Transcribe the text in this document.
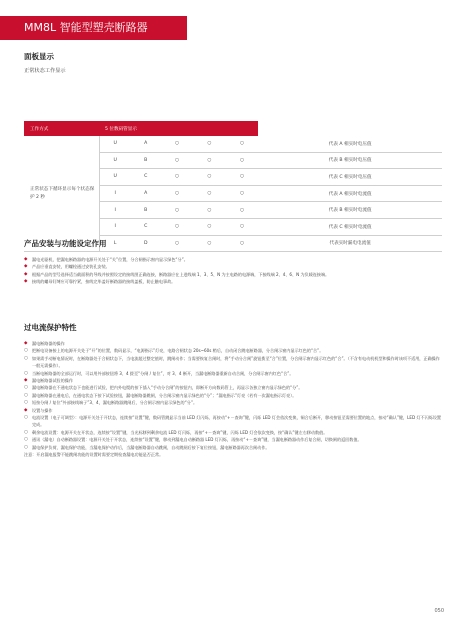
MM8L 智能型塑壳断路器
面板显示
正常状态工作显示
工作方式	5 位数码管显示					
正常状态下循环显示每个状态保护 2 秒	U	A	○	○	○	代表 A 相实时电压值
	U	B	○	○	○	代表 B 相实时电压值
	U	C	○	○	○	代表 C 相实时电压值
	I	A	○	○	○	代表 A 相实时电流值
	I	B	○	○	○	代表 B 相实时电流值
	I	C	○	○	○	代表 C 相实时电流值
	L	D	○	○	○	代表实时漏电电流值
产品安装与功能设定作用
◆ 漏电光驱机，把漏电断路器的电源开关处于“关”位置，分合闸指示窗内显示绿色“分”。
◆ 产品应垂直安装，用螺栓通过安装孔安装。
◆ 根据产品的型号选择适当截面积的导线并按照设定的接线图正确连接，断路器应在上进线端 1、3、5、N 为主电路的电源端，下接线端 2、4、6、N 为负载连接端。
◆ 接线的螺母钉缚应可靠拧紧，按线完毕盖好断路器的接线盖板，防止触电事故。
过电流保护特性
◆ 漏电断路器的操作
○ 把断电设备接上的电源开关处于“开”的位置，数码显示，“电源指示”灯亮，电路合闸状态 20s~60s 稍后，自动闭合跳电断路器，分合闸示窗内显示红色的“合”。
○ 如果需手动断电情况时，在断路器处于合闸状态下，当电流超过整定值时，跳闸动作；当需要恢复合闸时，将“手动分合闸”旋钮拨至“合”位置，分合闸示窗内显示红色的“合”。（不含有电动机机型和操作时该项不适用，正确操作一般无需操作）。
○ 当断电断路器的全部运行时，可以用外部按钮将 3、4 拨至“分闸 / 复位”，对 3、4 断开，当漏电断路器重新自动合闸，分合闸示窗内红色“合”。
◆ 漏电断路器试验的操作
○ 漏电断路器在不通电状态下也能进行试验，把内外电缆的按下插入“手动分合闸”的按钮内，即断开方向数码管上，再显示各独立窗内显示绿色的“分”。
○ 漏电断路器在通电后，在通电状态下按下试验按钮，漏电断路器跳闸，分合闸示窗内显示绿色的“分”；“漏电指示”灯亮（若有一次漏电指示灯亮）。
○ 短按分闸 / 复位“外部接线端子”3、4，漏电断路器跳闸后，分合闸示窗内显示绿色的“分”。
◆ 设置与操作
○ 电流设置（电子可调型）：电源开关处于开状态，连续按“设置”键，数码管跳显示当前 LED 灯闪烁，再按动“+－查询”键，闪烁 LED 灯会依次变换，铜合后断开，移动按钮至需要位置的地点，按动“确认”键，LED 灯不闪烁设置完成。
○ 剩余电流设置：电源开关在开状态，连续按“设置”键，当光标移到剩余电流 LED 灯闪烁，再按“+－查询”键，闪烁 LED 灯会依次变换，按“确认”键左右移动数值。
○ 通讯（漏电）自动断路器设置：电源开关处于开状态，连续按“设置”键，移动到漏电自动断路器 LED 灯闪烁，再按动“+－查询”键，当漏电断路器动作后复合闸，切换闸的返回数值。
○ 漏电保护负荷，漏电保护功能，当漏电保护动作后，当漏电断路器自动跳闸，自动跳闸后按下复位按钮，漏电断路器再次合闸动作。
注意：开启漏电报警不能跳闸功能的设置时需要定期检查漏电功能是否正常。
050
